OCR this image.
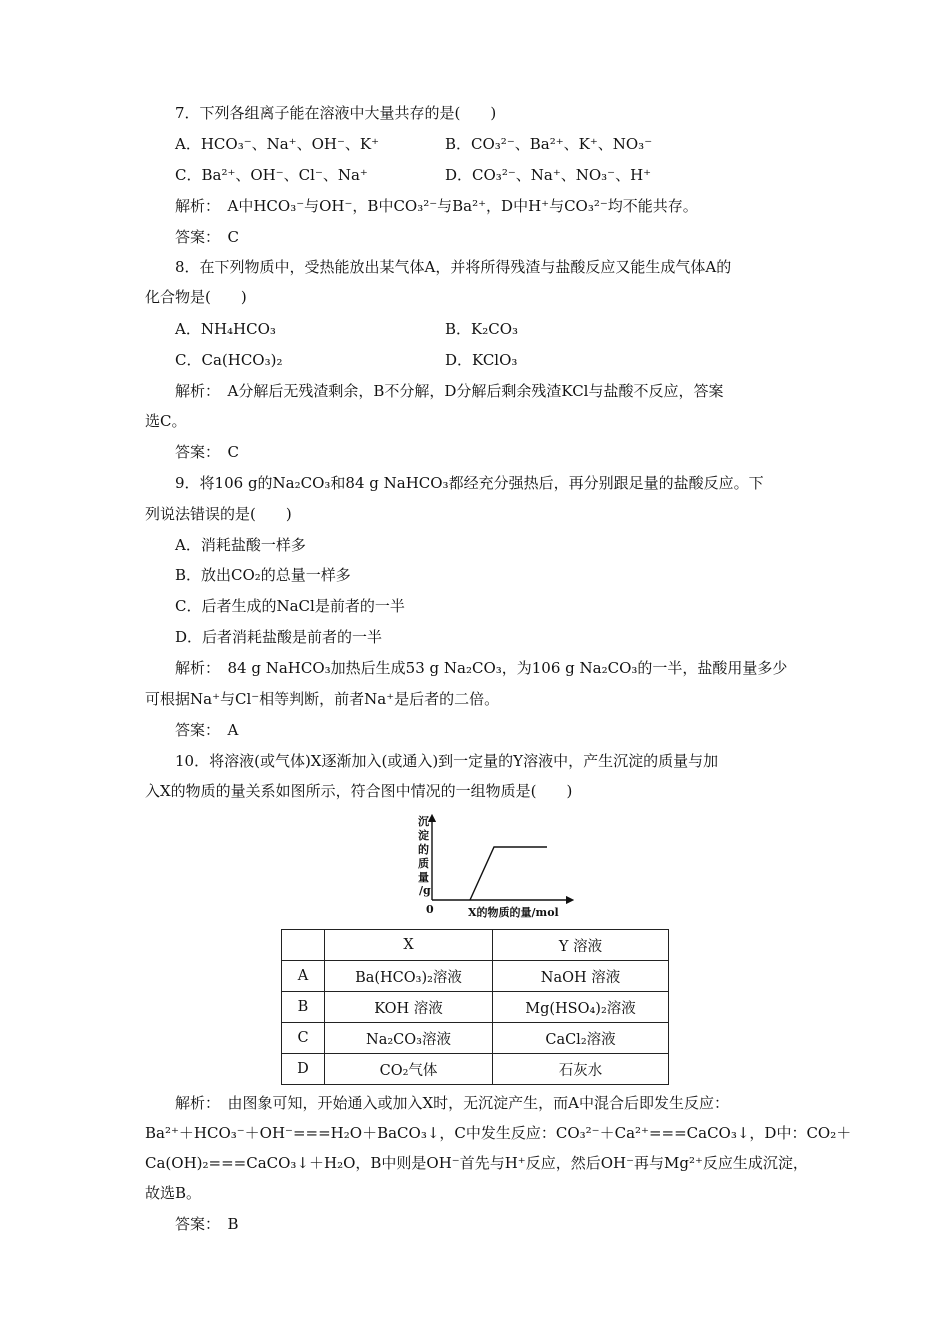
7．下列各组离子能在溶液中大量共存的是(　　)
A．HCO₃⁻、Na⁺、OH⁻、K⁺	B．CO₃²⁻、Ba²⁺、K⁺、NO₃⁻
C．Ba²⁺、OH⁻、Cl⁻、Na⁺	D．CO₃²⁻、Na⁺、NO₃⁻、H⁺
解析：　A中HCO₃⁻与OH⁻，B中CO₃²⁻与Ba²⁺，D中H⁺与CO₃²⁻均不能共存。
答案：　C
8．在下列物质中，受热能放出某气体A，并将所得残渣与盐酸反应又能生成气体A的
化合物是(　　)
A．NH₄HCO₃	B．K₂CO₃
C．Ca(HCO₃)₂	D．KClO₃
解析：　A分解后无残渣剩余，B不分解，D分解后剩余残渣KCl与盐酸不反应，答案
选C。
答案：　C
9．将106 g的Na₂CO₃和84 g NaHCO₃都经充分强热后，再分别跟足量的盐酸反应。下
列说法错误的是(　　)
A．消耗盐酸一样多
B．放出CO₂的总量一样多
C．后者生成的NaCl是前者的一半
D．后者消耗盐酸是前者的一半
解析：　84 g NaHCO₃加热后生成53 g Na₂CO₃，为106 g Na₂CO₃的一半，盐酸用量多少
可根据Na⁺与Cl⁻相等判断，前者Na⁺是后者的二倍。
答案：　A
10．将溶液(或气体)X逐渐加入(或通入)到一定量的Y溶液中，产生沉淀的质量与加
入X的物质的量关系如图所示，符合图中情况的一组物质是(　　)
沉
淀
的
质
量
/g
0	X的物质的量/mol
	X	Y 溶液
A	Ba(HCO₃)₂溶液	NaOH 溶液
B	KOH 溶液	Mg(HSO₄)₂溶液
C	Na₂CO₃溶液	CaCl₂溶液
D	CO₂气体	石灰水
解析：　由图象可知，开始通入或加入X时，无沉淀产生，而A中混合后即发生反应：
Ba²⁺＋HCO₃⁻＋OH⁻===H₂O＋BaCO₃↓，C中发生反应：CO₃²⁻＋Ca²⁺===CaCO₃↓，D中：CO₂＋
Ca(OH)₂===CaCO₃↓＋H₂O，B中则是OH⁻首先与H⁺反应，然后OH⁻再与Mg²⁺反应生成沉淀，
故选B。
答案：　B
